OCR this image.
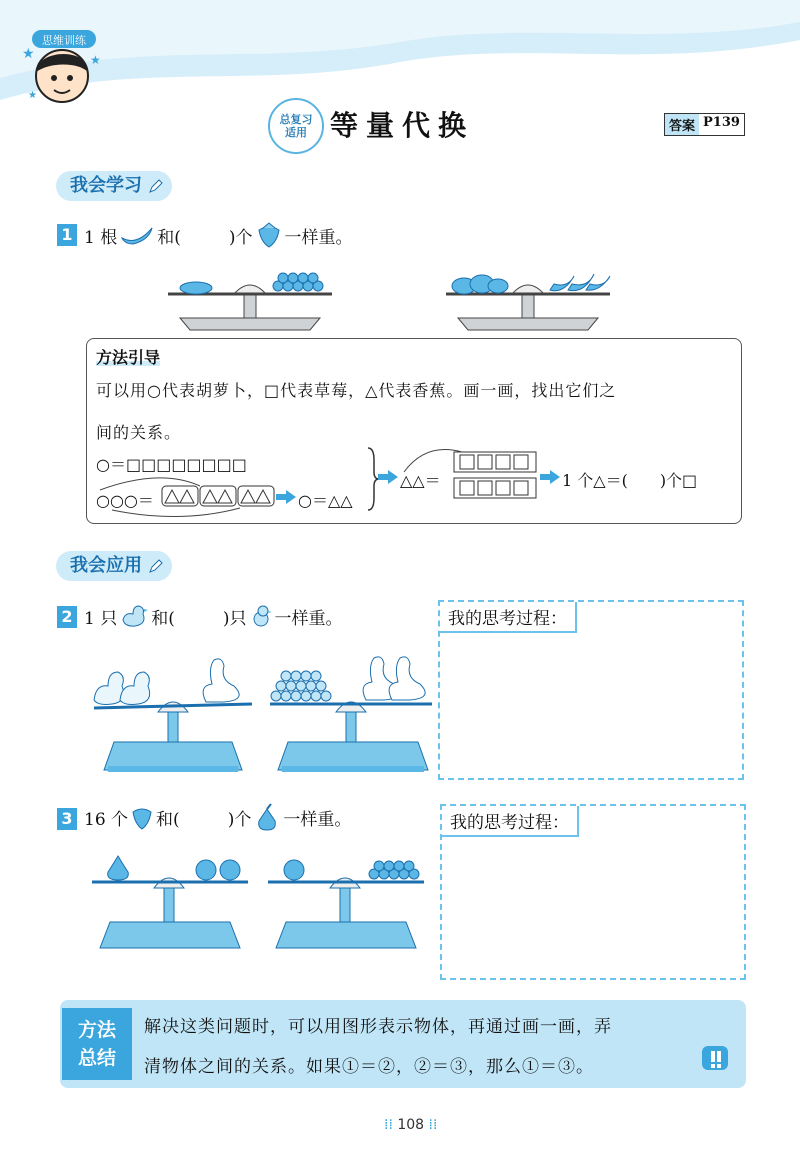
思维训练
★	★
★
总复习
适用 等量代换	答案 P139
我会学习
1 1 根 和(	)个 一样重。
方法引导
可以用○代表胡萝卜，□代表草莓，△代表香蕉。画一画，找出它们之
间的关系。
○＝□□□□□□□□
○○○＝	○＝△△
△△＝	1 个△＝(　　)个□
我会应用
2 1 只 和(	)只 一样重。	我的思考过程：
3 16 个 和(	)个 一样重。	我的思考过程：
方法
总结
解决这类问题时，可以用图形表示物体，再通过画一画，弄
清物体之间的关系。如果①＝②，②＝③，那么①＝③。
⁞⁞ 108 ⁞⁞
